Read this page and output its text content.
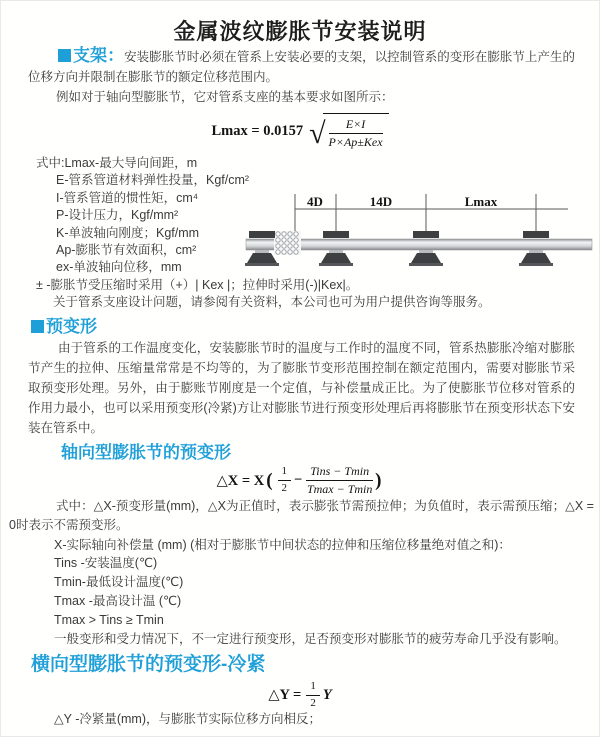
金属波纹膨胀节安装说明

支架：安装膨胀节时必须在管系上安装必要的支架，以控制管系的变形在膨胀节上产生的位移方向并限制在膨胀节的额定位移范围内。

例如对于轴向型膨胀节，它对管系支座的基本要求如图所示：

Lmax = 0.0157 √ $\frac{E\times I}{\text{P×Ap±Kex}}$
式中:Lmax-最大导向间距，m
E-管系管道材料弹性投量，Kgf/cm²
I-管系管道的惯性矩，cm⁴
P-设计压力，Kgf/mm²
K-单波轴向刚度；Kgf/mm
Ap-膨胀节有效面积，cm²
ex-单波轴向位移，mm
± -膨胀节受压缩时采用（+）| Kex |；拉伸时采用(-)|Kex|。
关于管系支座设计问题，请参阅有关资料，本公司也可为用户提供咨询等服务。
4D	14D	Lmax
预变形

由于管系的工作温度变化，安装膨胀节时的温度与工作时的温度不同，管系热膨胀冷缩对膨胀节产生的拉伸、压缩量常常是不均等的，为了膨胀节变形范围控制在额定范围内，需要对膨胀节采取预变形处理。另外，由于膨账节刚度是一个定值，与补偿量成正比。为了使膨胀节位移对管系的作用力最小，也可以采用预变形(冷紧)方让对膨胀节进行预变形处理后再将膨胀节在预变形状态下安装在管系中。

轴向型膨胀节的预变形
△X = X ( $\frac{1}{2} - \frac{\text{Tins − Tmin}}{Tmax - Tmin}$ )

式中：△X-预变形量(mm)，△X为正值时，表示膨张节需预拉伸；为负值时，表示需预压缩；△X = 0时表示不需预变形。

X-实际轴向补偿量 (mm) (相对于膨胀节中间状态的拉伸和压缩位移量绝对值之和)：
Tins -安装温度(℃)
Tmin-最低设计温度(℃)
Tmax -最高设计温 (℃)
Tmax > Tins ≥ Tmin

一般变形和受力情况下，不一定进行预变形，足否预变形对膨胀节的疲劳寿命几乎没有影响。

横向型膨胀节的预变形-冷紧
△Y = $\frac{1}{2}$ Y
△Y -冷紧量(mm)，与膨胀节实际位移方向相反；
